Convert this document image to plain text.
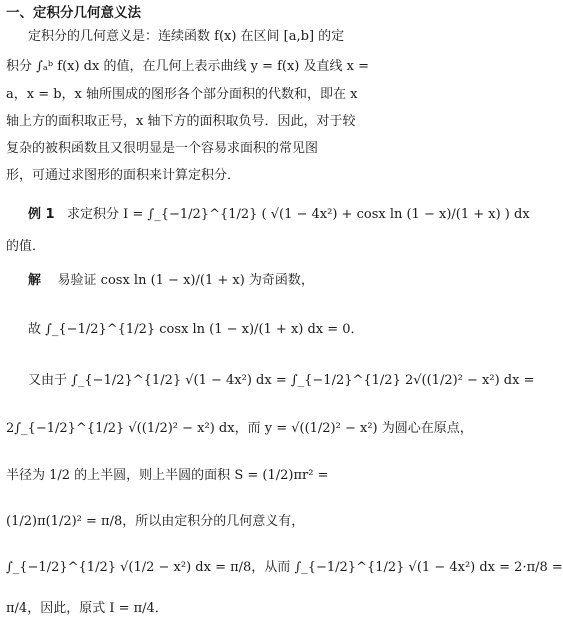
一、定积分几何意义法
定积分的几何意义是：连续函数 f(x) 在区间 [a,b] 的定
积分 ∫ₐᵇ f(x) dx 的值，在几何上表示曲线 y = f(x) 及直线 x =
a，x = b，x 轴所围成的图形各个部分面积的代数和，即在 x
轴上方的面积取正号，x 轴下方的面积取负号．因此，对于较
复杂的被积函数且又很明显是一个容易求面积的常见图
形，可通过求图形的面积来计算定积分．
例 1 求定积分 I = ∫_{−1/2}^{1/2} ( √(1 − 4x²) + cosx ln (1 − x)/(1 + x) ) dx
的值．
解 易验证 cosx ln (1 − x)/(1 + x) 为奇函数，
故 ∫_{−1/2}^{1/2} cosx ln (1 − x)/(1 + x) dx = 0．
又由于 ∫_{−1/2}^{1/2} √(1 − 4x²) dx = ∫_{−1/2}^{1/2} 2√((1/2)² − x²) dx =
2∫_{−1/2}^{1/2} √((1/2)² − x²) dx，而 y = √((1/2)² − x²) 为圆心在原点，
半径为 1/2 的上半圆，则上半圆的面积 S = (1/2)πr² =
(1/2)π(1/2)² = π/8，所以由定积分的几何意义有，
∫_{−1/2}^{1/2} √(1/2 − x²) dx = π/8，从而 ∫_{−1/2}^{1/2} √(1 − 4x²) dx = 2·π/8 =
π/4，因此，原式 I = π/4．
